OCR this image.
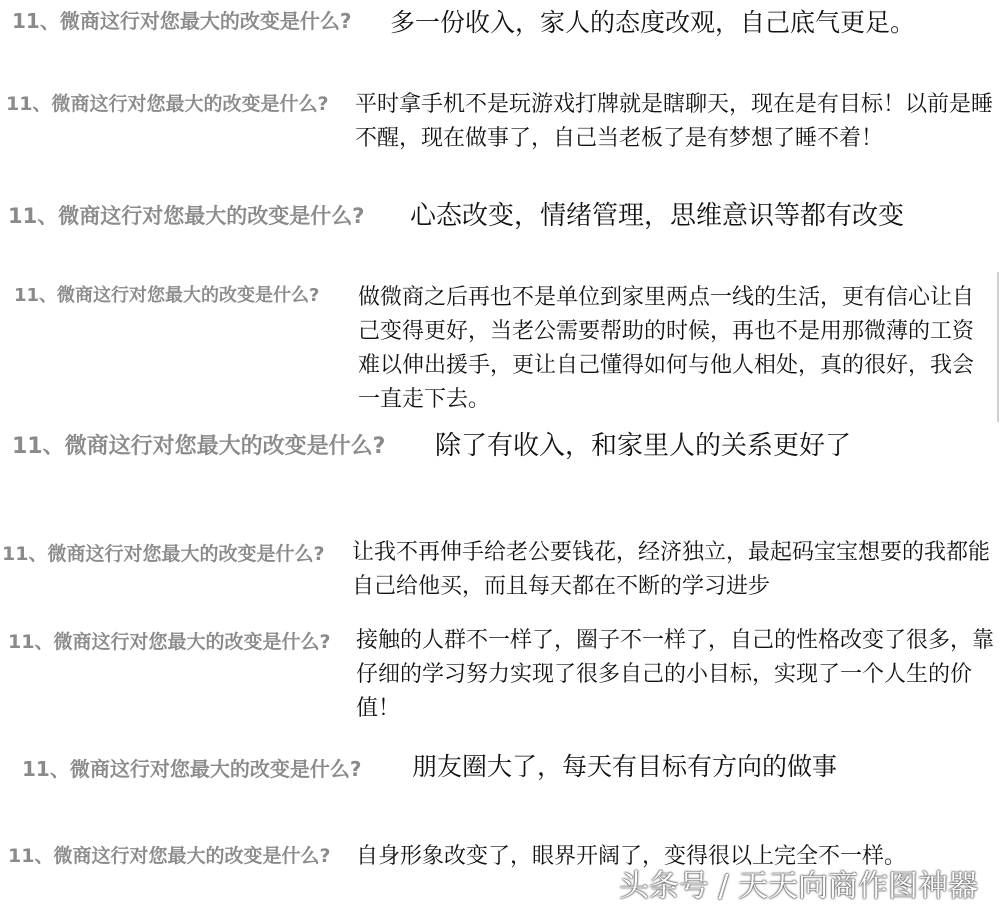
11、微商这行对您最大的改变是什么?	多一份收入，家人的态度改观，自己底气更足。
11、微商这行对您最大的改变是什么?	平时拿手机不是玩游戏打牌就是瞎聊天，现在是有目标！以前是睡不醒，现在做事了，自己当老板了是有梦想了睡不着！
11、微商这行对您最大的改变是什么?	心态改变，情绪管理，思维意识等都有改变
11、微商这行对您最大的改变是什么?	做微商之后再也不是单位到家里两点一线的生活，更有信心让自己变得更好，当老公需要帮助的时候，再也不是用那微薄的工资难以伸出援手，更让自己懂得如何与他人相处，真的很好，我会一直走下去。
11、微商这行对您最大的改变是什么?	除了有收入，和家里人的关系更好了
11、微商这行对您最大的改变是什么?	让我不再伸手给老公要钱花，经济独立，最起码宝宝想要的我都能自己给他买，而且每天都在不断的学习进步
11、微商这行对您最大的改变是什么?	接触的人群不一样了，圈子不一样了，自己的性格改变了很多，靠仔细的学习努力实现了很多自己的小目标，实现了一个人生的价值！
11、微商这行对您最大的改变是什么?	朋友圈大了，每天有目标有方向的做事
11、微商这行对您最大的改变是什么?	自身形象改变了，眼界开阔了，变得很以上完全不一样。
头条号 / 天天向商作图神器
